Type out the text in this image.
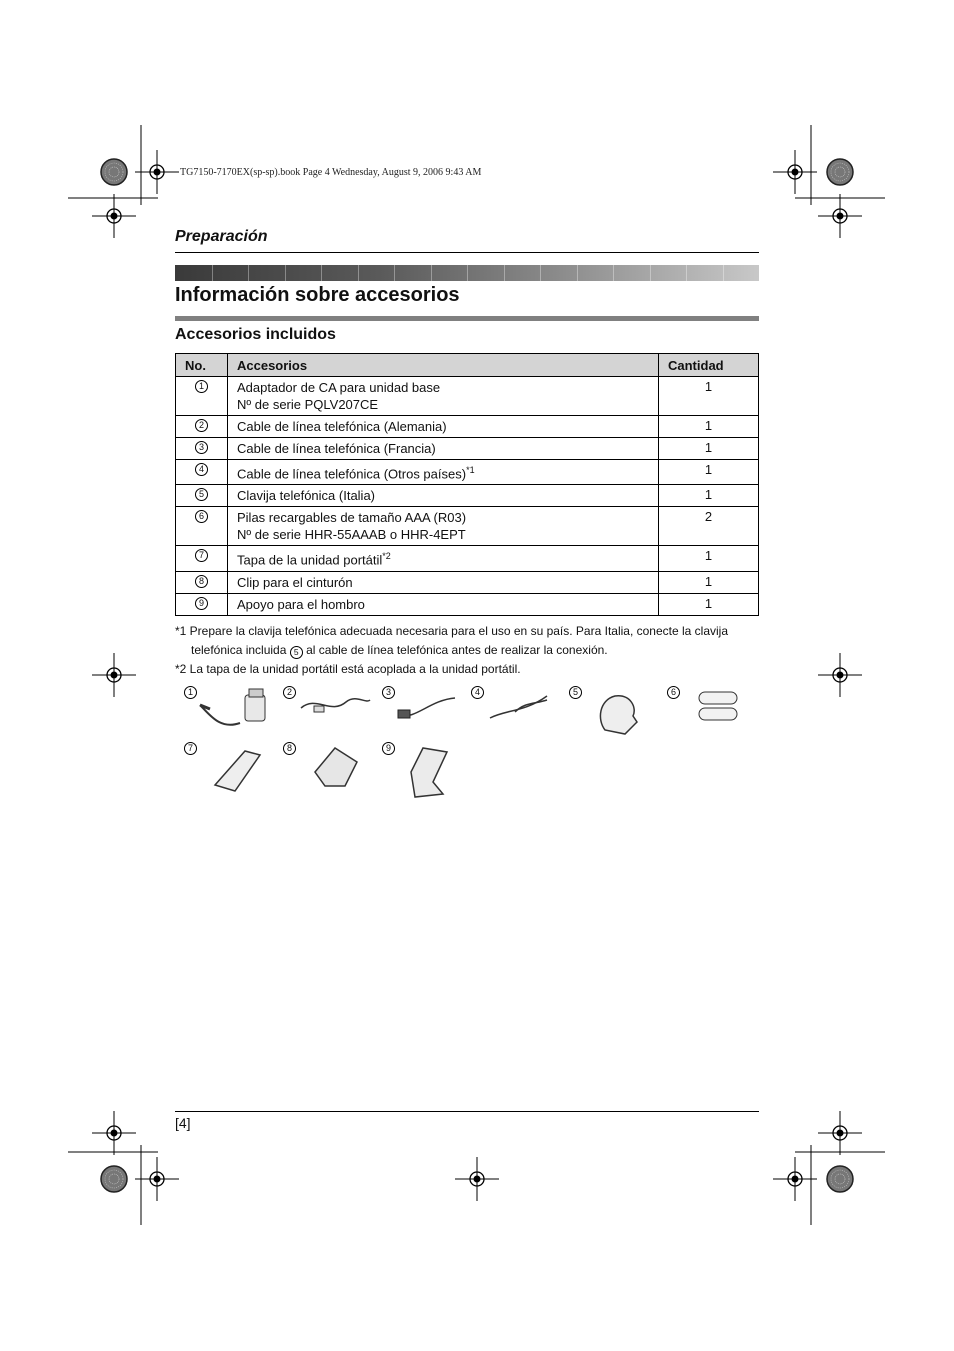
TG7150-7170EX(sp-sp).book Page 4 Wednesday, August 9, 2006 9:43 AM
Preparación
Información sobre accesorios
Accesorios incluidos
No.	Accesorios	Cantidad
1	Adaptador de CA para unidad base
Nº de serie PQLV207CE	1
2	Cable de línea telefónica (Alemania)	1
3	Cable de línea telefónica (Francia)	1
4	Cable de línea telefónica (Otros países)$^{*1}$	1
5	Clavija telefónica (Italia)	1
6	Pilas recargables de tamaño AAA (R03)
Nº de serie HHR-55AAAB o HHR-4EPT	2
7	Tapa de la unidad portátil$^{*2}$	1
8	Clip para el cinturón	1
9	Apoyo para el hombro	1

*1 Prepare la clavija telefónica adecuada necesaria para el uso en su país. Para Italia, conecte la clavija

telefónica incluida 5 al cable de línea telefónica antes de realizar la conexión.

*2 La tapa de la unidad portátil está acoplada a la unidad portátil.

1	2	3	4	5	6
7	8	9
[4]
